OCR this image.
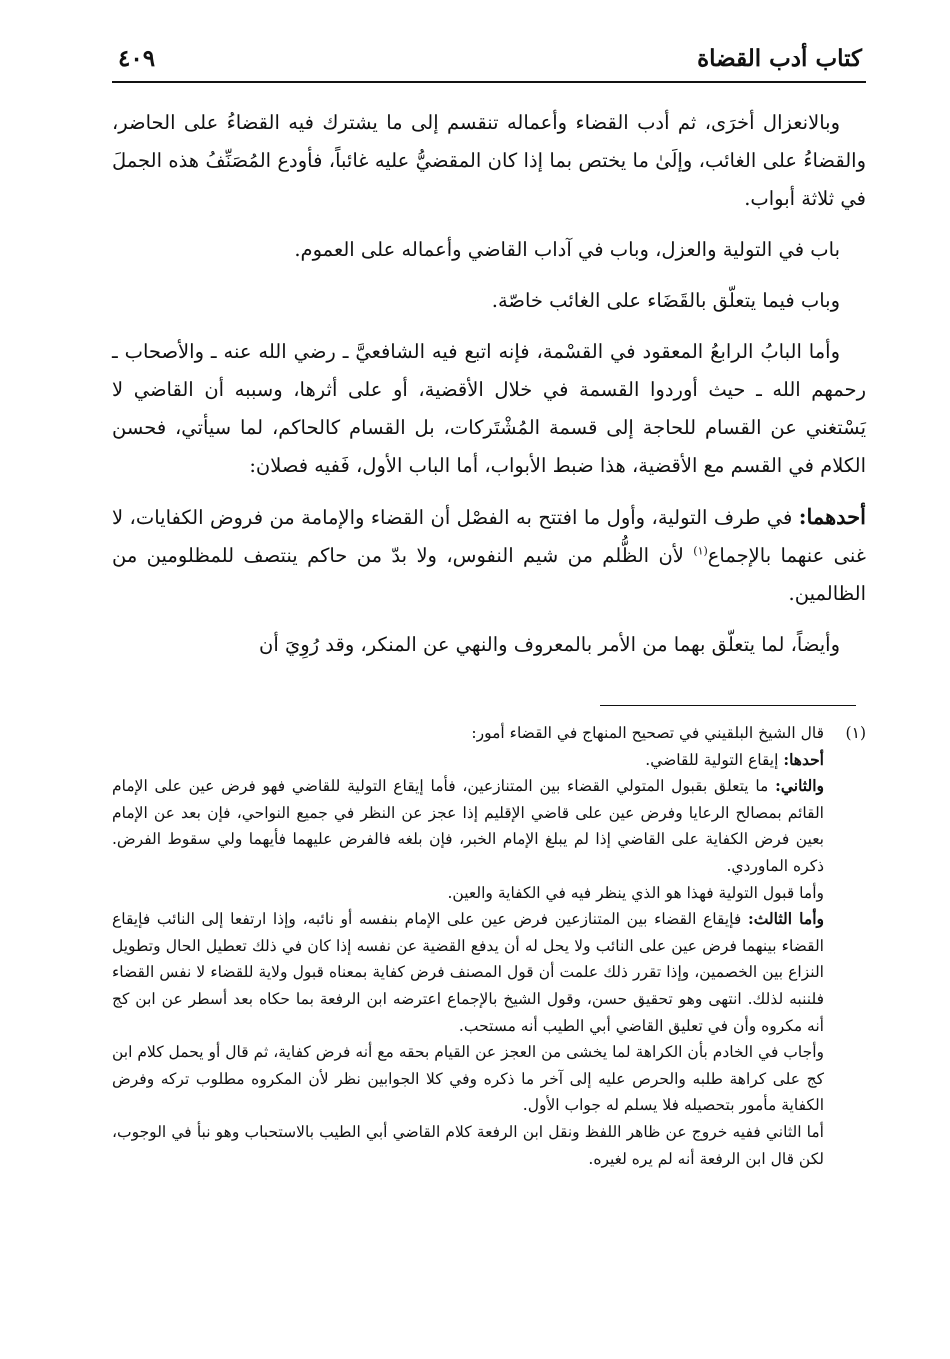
كتاب أدب القضاة
٤٠٩

وبالانعزال أخرَى، ثم أدب القضاء وأعماله تنقسم إلى ما يشترك فيه القضاءُ على الحاضر، والقضاءُ على الغائب، وإلَىٰ ما يختص بما إذا كان المقضيُّ عليه غائباً، فأودع المُصَنِّفُ هذه الجملَ في ثلاثة أبواب.

باب في التولية والعزل، وباب في آداب القاضي وأعماله على العموم.

وباب فيما يتعلّق بالقَضَاء على الغائب خاصّة.

وأما البابُ الرابعُ المعقود في القسْمة، فإنه اتبع فيه الشافعيَّ ـ رضي الله عنه ـ والأصحاب ـ رحمهم الله ـ حيث أوردوا القسمة في خلال الأقضية، أو على أثرها، وسببه أن القاضي لا يَسْتغني عن القسام للحاجة إلى قسمة المُشْتَركات، بل القسام كالحاكم، لما سيأتي، فحسن الكلام في القسم مع الأقضية، هذا ضبط الأبواب، أما الباب الأول، فَفيه فصلان:

أحدهما: في طرف التولية، وأول ما افتتح به الفصْل أن القضاء والإمامة من فروض الكفايات، لا غنى عنهما بالإجماع$^{(١)}$ لأن الظُّلم من شيم النفوس، ولا بدّ من حاكم ينتصف للمظلومين من الظالمين.

وأيضاً، لما يتعلّق بهما من الأمر بالمعروف والنهي عن المنكر، وقد رُوِيَ أن

(١)

قال الشيخ البلقيني في تصحيح المنهاج في القضاء أمور:

أحدها: إيقاع التولية للقاضي.

والثاني: ما يتعلق بقبول المتولي القضاء بين المتنازعين، فأما إيقاع التولية للقاضي فهو فرض عين على الإمام القائم بمصالح الرعايا وفرض عين على قاضي الإقليم إذا عجز عن النظر في جميع النواحي، فإن بعد عن الإمام بعين فرض الكفاية على القاضي إذا لم يبلغ الإمام الخبر، فإن بلغه فالفرض عليهما فأيهما ولي سقوط الفرض. ذكره الماوردي.

وأما قبول التولية فهذا هو الذي ينظر فيه في الكفاية والعين.

وأما الثالث: فإيقاع القضاء بين المتنازعين فرض عين على الإمام بنفسه أو نائبه، وإذا ارتفعا إلى النائب فإيقاع القضاء بينهما فرض عين على النائب ولا يحل له أن يدفع القضية عن نفسه إذا كان في ذلك تعطيل الحال وتطويل النزاع بين الخصمين، وإذا تقرر ذلك علمت أن قول المصنف فرض كفاية بمعناه قبول ولاية للقضاء لا نفس القضاء فلننبه لذلك. انتهى وهو تحقيق حسن، وقول الشيخ بالإجماع اعترضه ابن الرفعة بما حكاه بعد أسطر عن ابن كج أنه مكروه وأن في تعليق القاضي أبي الطيب أنه مستحب.

وأجاب في الخادم بأن الكراهة لما يخشى من العجز عن القيام بحقه مع أنه فرض كفاية، ثم قال أو يحمل كلام ابن كج على كراهة طلبه والحرص عليه إلى آخر ما ذكره وفي كلا الجوابين نظر لأن المكروه مطلوب تركه وفرض الكفاية مأمور بتحصيله فلا يسلم له جواب الأول.

أما الثاني ففيه خروج عن ظاهر اللفظ ونقل ابن الرفعة كلام القاضي أبي الطيب بالاستحباب وهو نبأ في الوجوب، لكن قال ابن الرفعة أنه لم يره لغيره.
